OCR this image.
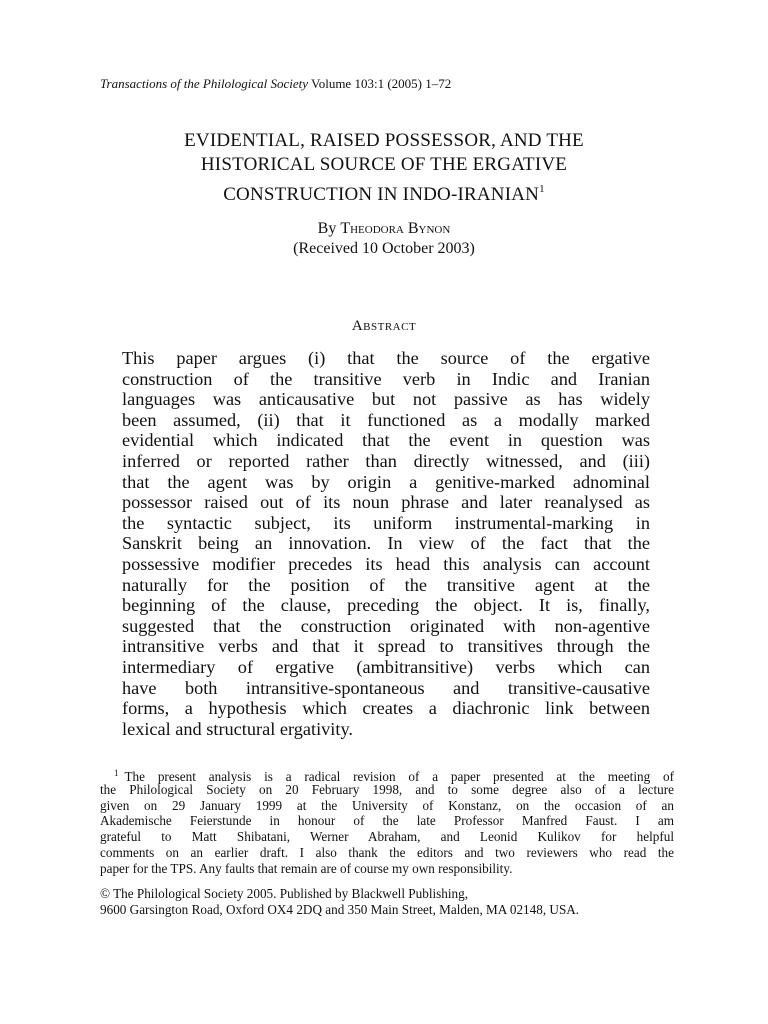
Transactions of the Philological Society Volume 103:1 (2005) 1–72
EVIDENTIAL, RAISED POSSESSOR, AND THE
HISTORICAL SOURCE OF THE ERGATIVE
CONSTRUCTION IN INDO-IRANIAN$^1$
By Theodora Bynon
(Received 10 October 2003)
Abstract
This paper argues (i) that the source of the ergative
construction of the transitive verb in Indic and Iranian
languages was anticausative but not passive as has widely
been assumed, (ii) that it functioned as a modally marked
evidential which indicated that the event in question was
inferred or reported rather than directly witnessed, and (iii)
that the agent was by origin a genitive-marked adnominal
possessor raised out of its noun phrase and later reanalysed as
the syntactic subject, its uniform instrumental-marking in
Sanskrit being an innovation. In view of the fact that the
possessive modifier precedes its head this analysis can account
naturally for the position of the transitive agent at the
beginning of the clause, preceding the object. It is, finally,
suggested that the construction originated with non-agentive
intransitive verbs and that it spread to transitives through the
intermediary of ergative (ambitransitive) verbs which can
have both intransitive-spontaneous and transitive-causative
forms, a hypothesis which creates a diachronic link between
lexical and structural ergativity.
$^1$ The present analysis is a radical revision of a paper presented at the meeting of
the Philological Society on 20 February 1998, and to some degree also of a lecture
given on 29 January 1999 at the University of Konstanz, on the occasion of an
Akademische Feierstunde in honour of the late Professor Manfred Faust. I am
grateful to Matt Shibatani, Werner Abraham, and Leonid Kulikov for helpful
comments on an earlier draft. I also thank the editors and two reviewers who read the
paper for the TPS. Any faults that remain are of course my own responsibility.
© The Philological Society 2005. Published by Blackwell Publishing,
9600 Garsington Road, Oxford OX4 2DQ and 350 Main Street, Malden, MA 02148, USA.
